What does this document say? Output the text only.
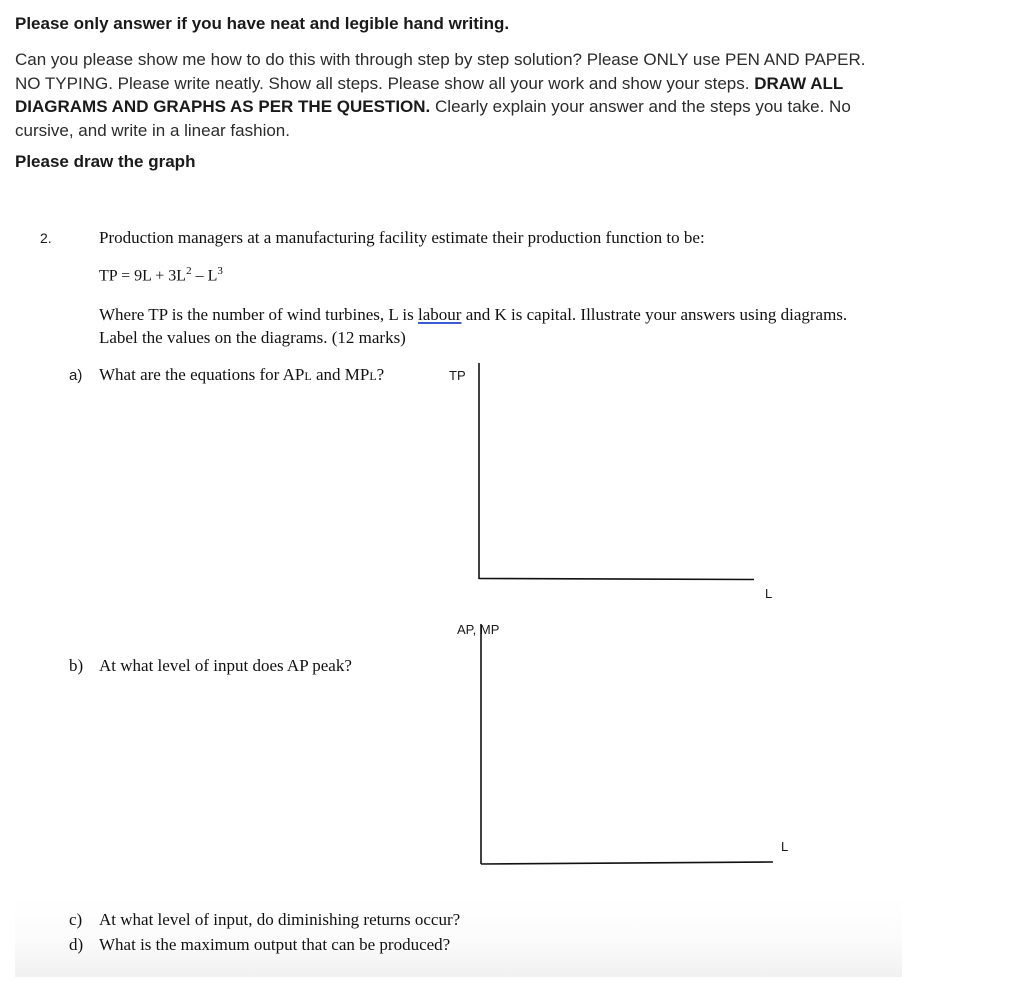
Please only answer if you have neat and legible hand writing.
Can you please show me how to do this with through step by step solution? Please ONLY use PEN AND PAPER. NO TYPING. Please write neatly. Show all steps. Please show all your work and show your steps. DRAW ALL DIAGRAMS AND GRAPHS AS PER THE QUESTION. Clearly explain your answer and the steps you take. No cursive, and write in a linear fashion.
Please draw the graph
2.	Production managers at a manufacturing facility estimate their production function to be:
TP = $9L + 3L^2 - L^3$
Where TP is the number of wind turbines, L is labour and K is capital. Illustrate your answers using diagrams. Label the values on the diagrams. (12 marks)
a) What are the equations for APL and MPL?
b) At what level of input does AP peak?
TP
L
AP, MP
L
c) At what level of input, do diminishing returns occur?
d) What is the maximum output that can be produced?
